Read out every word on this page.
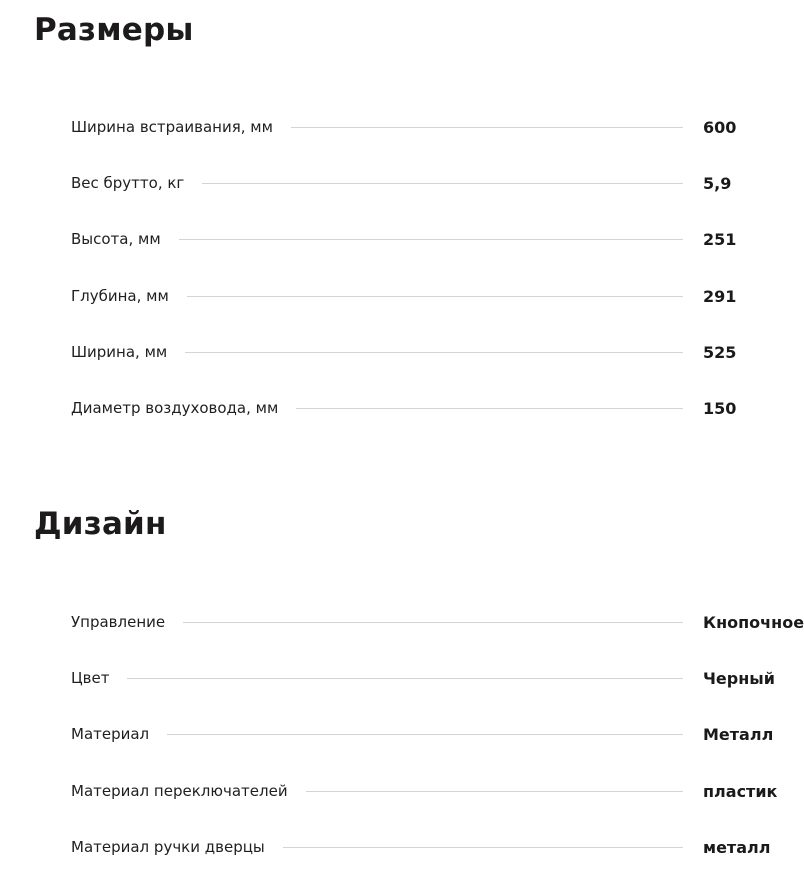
Размеры
Ширина встраивания, мм	600
Вес брутто, кг	5,9
Высота, мм	251
Глубина, мм	291
Ширина, мм	525
Диаметр воздуховода, мм	150
Дизайн
Управление	Кнопочное
Цвет	Черный
Материал	Металл
Материал переключателей	пластик
Материал ручки дверцы	металл
